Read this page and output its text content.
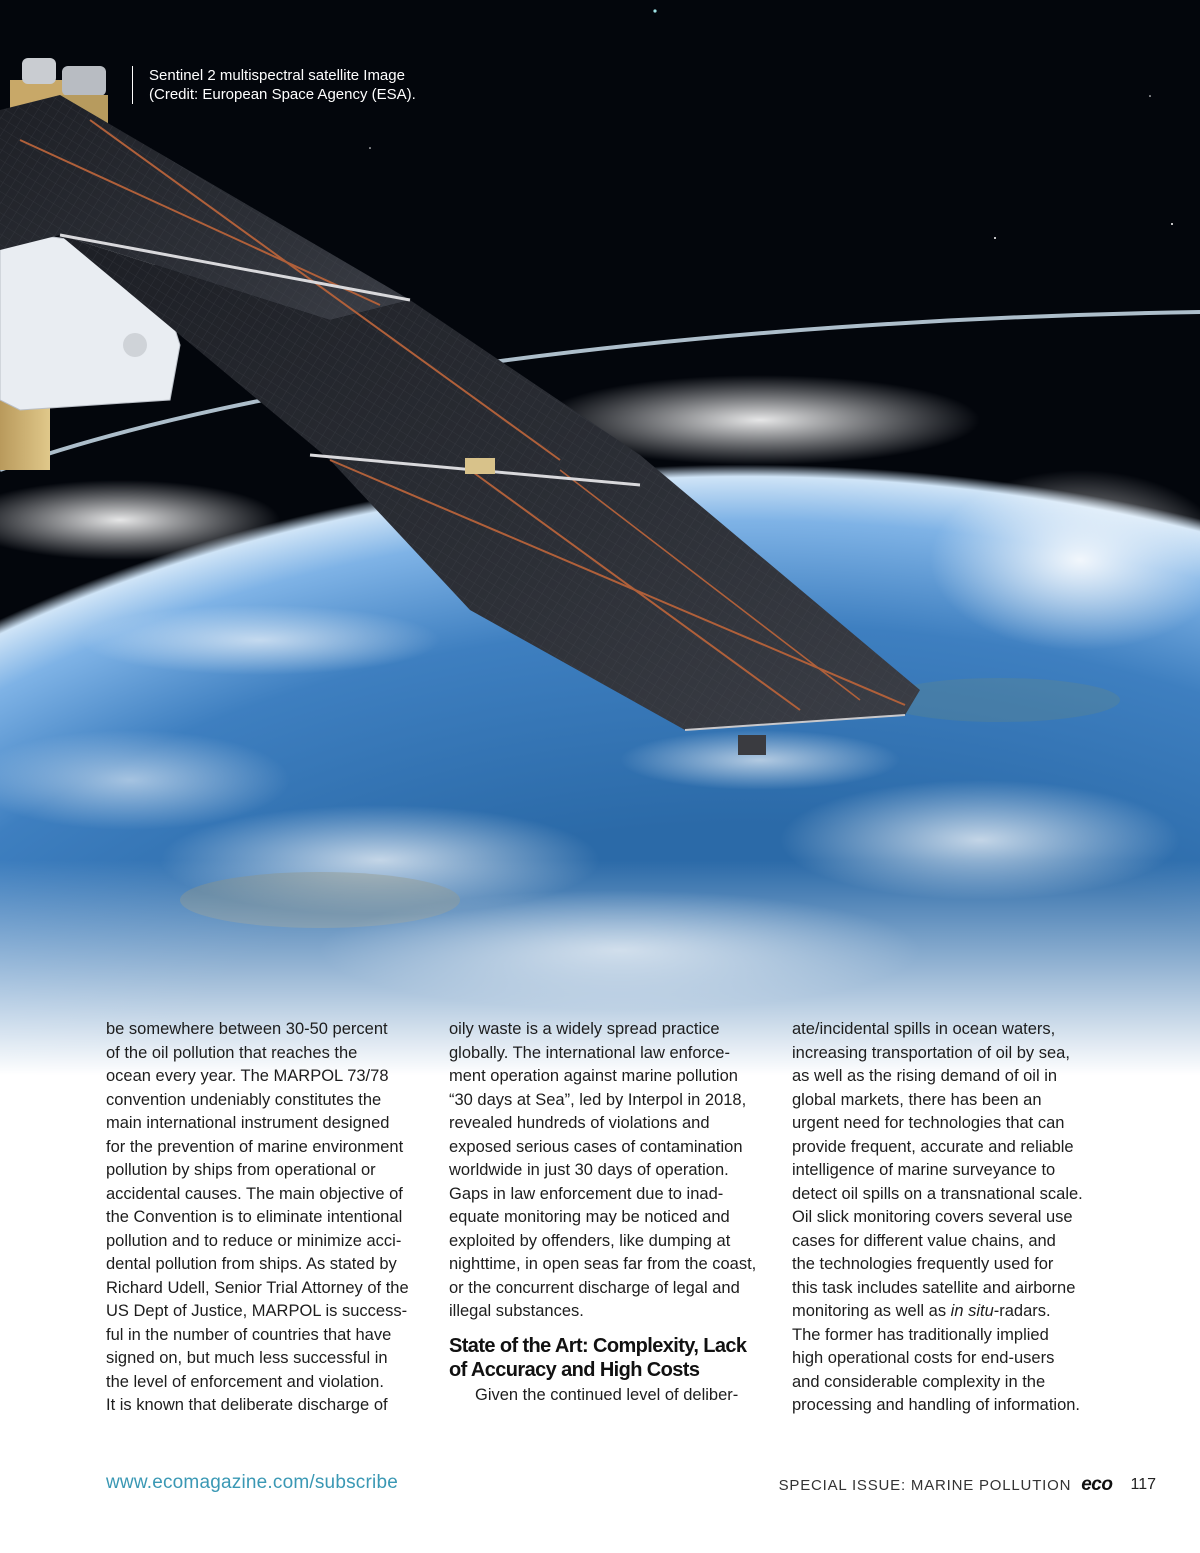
Sentinel 2 multispectral satellite Image
(Credit: European Space Agency (ESA).
be somewhere between 30-50 percent
of the oil pollution that reaches the
ocean every year. The MARPOL 73/78
convention undeniably constitutes the
main international instrument designed
for the prevention of marine environment
pollution by ships from operational or
accidental causes. The main objective of
the Convention is to eliminate intentional
pollution and to reduce or minimize acci-
dental pollution from ships. As stated by
Richard Udell, Senior Trial Attorney of the
US Dept of Justice, MARPOL is success-
ful in the number of countries that have
signed on, but much less successful in
the level of enforcement and violation.
It is known that deliberate discharge of
oily waste is a widely spread practice
globally. The international law enforce-
ment operation against marine pollution
“30 days at Sea”, led by Interpol in 2018,
revealed hundreds of violations and
exposed serious cases of contamination
worldwide in just 30 days of operation.
Gaps in law enforcement due to inad-
equate monitoring may be noticed and
exploited by offenders, like dumping at
nighttime, in open seas far from the coast,
or the concurrent discharge of legal and
illegal substances.
State of the Art: Complexity, Lack
of Accuracy and High Costs
Given the continued level of deliber-
ate/incidental spills in ocean waters,
increasing transportation of oil by sea,
as well as the rising demand of oil in
global markets, there has been an
urgent need for technologies that can
provide frequent, accurate and reliable
intelligence of marine surveyance to
detect oil spills on a transnational scale.
Oil slick monitoring covers several use
cases for different value chains, and
the technologies frequently used for
this task includes satellite and airborne
monitoring as well as in situ-radars.
The former has traditionally implied
high operational costs for end-users
and considerable complexity in the
processing and handling of information.
www.ecomagazine.com/subscribe	SPECIAL ISSUE: MARINE POLLUTION eco 117
